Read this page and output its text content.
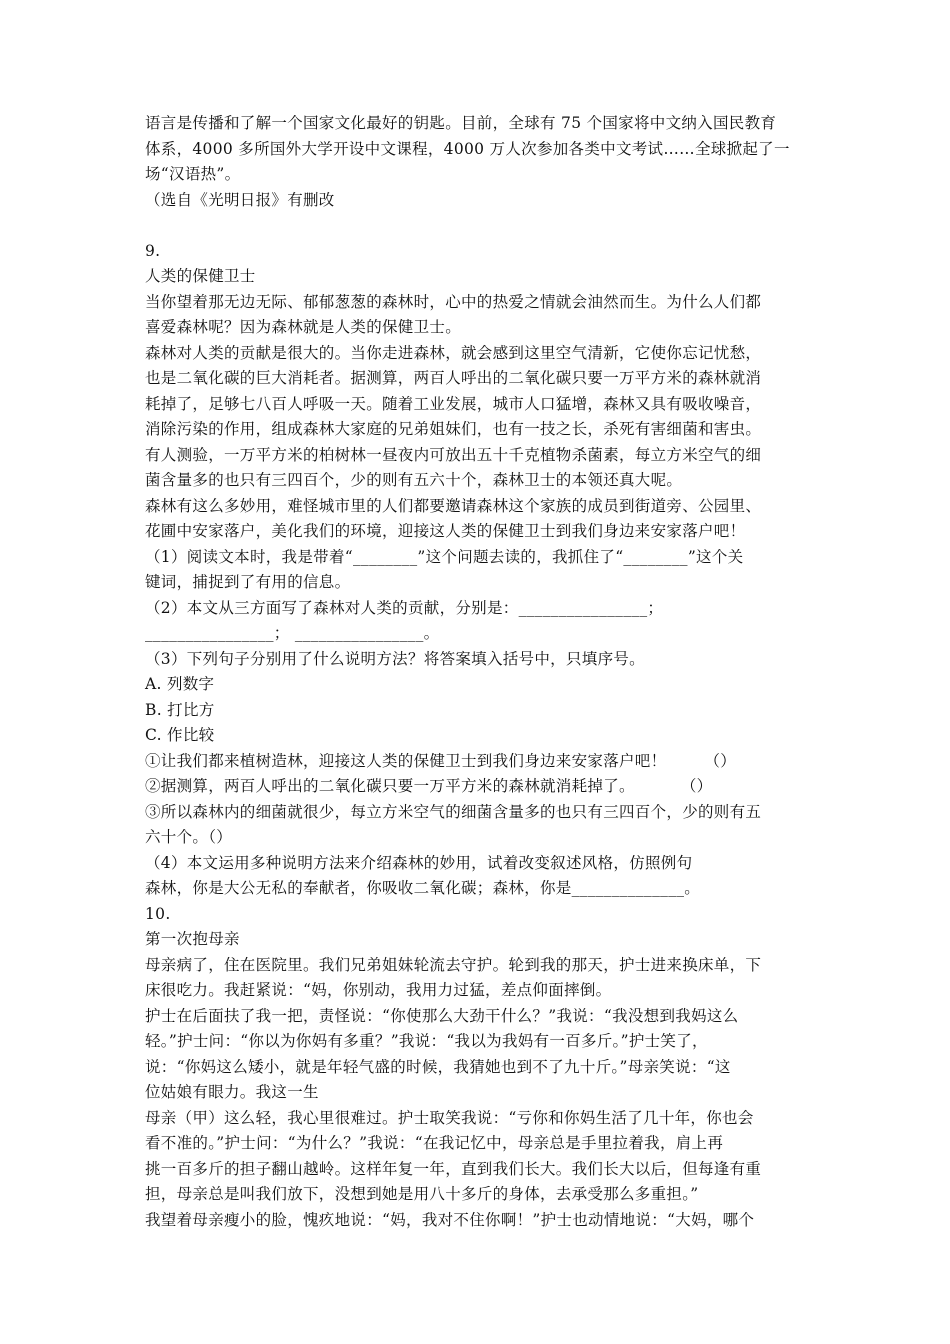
语言是传播和了解一个国家文化最好的钥匙。目前，全球有 75 个国家将中文纳入国民教育
体系，4000 多所国外大学开设中文课程，4000 万人次参加各类中文考试……全球掀起了一
场“汉语热”。
（选自《光明日报》有删改
9.
人类的保健卫士
当你望着那无边无际、郁郁葱葱的森林时，心中的热爱之情就会油然而生。为什么人们都
喜爱森林呢？因为森林就是人类的保健卫士。
森林对人类的贡献是很大的。当你走进森林，就会感到这里空气清新，它使你忘记忧愁，
也是二氧化碳的巨大消耗者。据测算，两百人呼出的二氧化碳只要一万平方米的森林就消
耗掉了，足够七八百人呼吸一天。随着工业发展，城市人口猛增，森林又具有吸收噪音，
消除污染的作用，组成森林大家庭的兄弟姐妹们，也有一技之长，杀死有害细菌和害虫。
有人测验，一万平方米的柏树林一昼夜内可放出五十千克植物杀菌素，每立方米空气的细
菌含量多的也只有三四百个，少的则有五六十个，森林卫士的本领还真大呢。
森林有这么多妙用，难怪城市里的人们都要邀请森林这个家族的成员到街道旁、公园里、
花圃中安家落户，美化我们的环境，迎接这人类的保健卫士到我们身边来安家落户吧！
（1）阅读文本时，我是带着“________”这个问题去读的，我抓住了“________”这个关
键词，捕捉到了有用的信息。
（2）本文从三方面写了森林对人类的贡献，分别是：________________；
________________； ________________。
（3）下列句子分别用了什么说明方法？将答案填入括号中，只填序号。
A. 列数字
B. 打比方
C. 作比较
①让我们都来植树造林，迎接这人类的保健卫士到我们身边来安家落户吧！ （）
②据测算，两百人呼出的二氧化碳只要一万平方米的森林就消耗掉了。	（）
③所以森林内的细菌就很少，每立方米空气的细菌含量多的也只有三四百个，少的则有五
六十个。（）
（4）本文运用多种说明方法来介绍森林的妙用，试着改变叙述风格，仿照例句
森林，你是大公无私的奉献者，你吸收二氧化碳；森林，你是______________。
10.
第一次抱母亲
母亲病了，住在医院里。我们兄弟姐妹轮流去守护。轮到我的那天，护士进来换床单，下
床很吃力。我赶紧说：“妈，你别动，我用力过猛，差点仰面摔倒。
护士在后面扶了我一把，责怪说：“你使那么大劲干什么？”我说：“我没想到我妈这么
轻。”护士问：“你以为你妈有多重？”我说：“我以为我妈有一百多斤。”护士笑了，
说：“你妈这么矮小，就是年轻气盛的时候，我猜她也到不了九十斤。”母亲笑说：“这
位姑娘有眼力。我这一生
母亲（甲）这么轻，我心里很难过。护士取笑我说：“亏你和你妈生活了几十年，你也会
看不准的。”护士问：“为什么？”我说：“在我记忆中，母亲总是手里拉着我，肩上再
挑一百多斤的担子翻山越岭。这样年复一年，直到我们长大。我们长大以后，但每逢有重
担，母亲总是叫我们放下，没想到她是用八十多斤的身体，去承受那么多重担。”
我望着母亲瘦小的脸，愧疚地说：“妈，我对不住你啊！”护士也动情地说：“大妈，哪个
